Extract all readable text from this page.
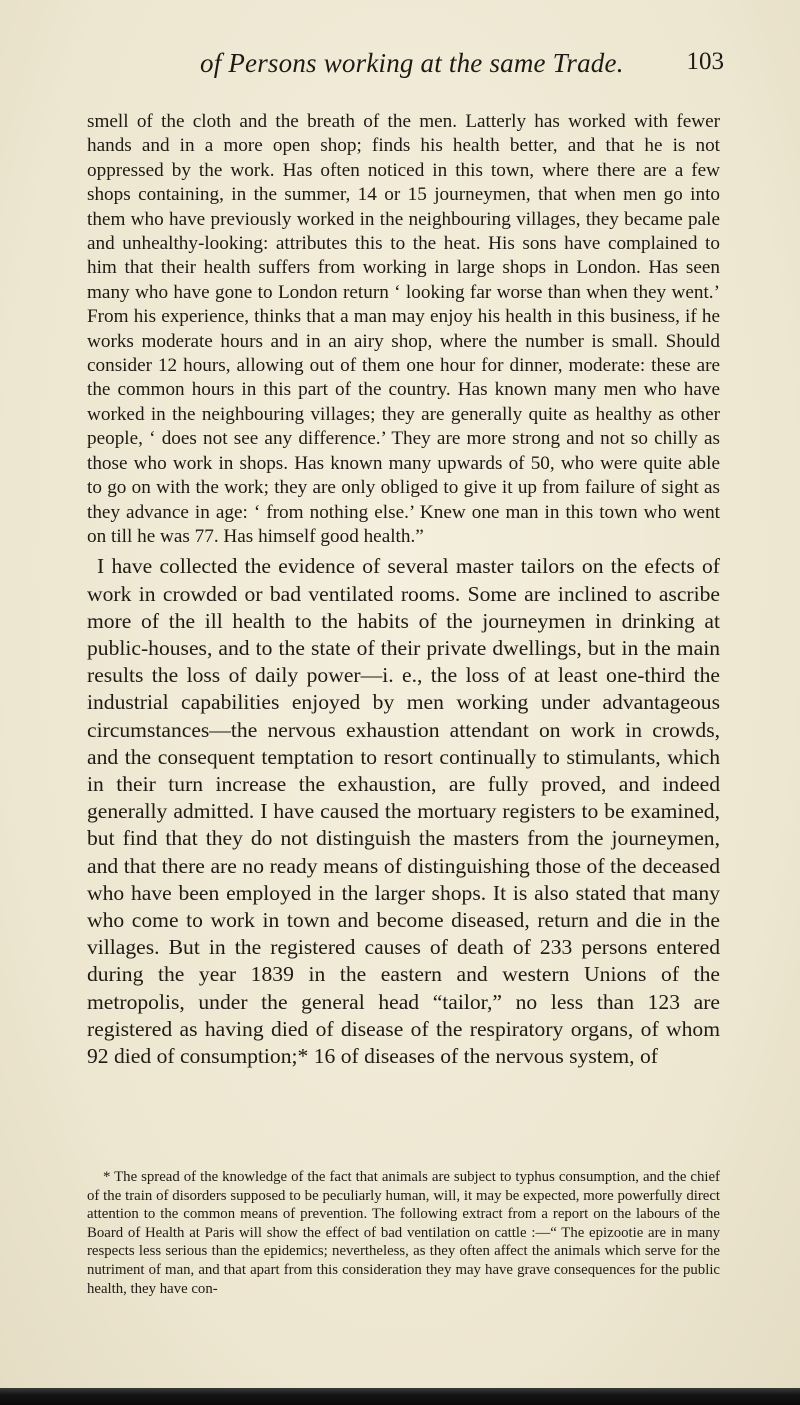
of Persons working at the same Trade.	103

smell of the cloth and the breath of the men. Latterly has worked with fewer hands and in a more open shop; finds his health better, and that he is not oppressed by the work. Has often noticed in this town, where there are a few shops containing, in the summer, 14 or 15 journeymen, that when men go into them who have previously worked in the neighbouring villages, they became pale and unhealthy-looking: attributes this to the heat. His sons have complained to him that their health suffers from working in large shops in London. Has seen many who have gone to London return ‘ looking far worse than when they went.’ From his experience, thinks that a man may enjoy his health in this business, if he works moderate hours and in an airy shop, where the number is small. Should consider 12 hours, allowing out of them one hour for dinner, moderate: these are the common hours in this part of the country. Has known many men who have worked in the neighbouring villages; they are generally quite as healthy as other people, ‘ does not see any difference.’ They are more strong and not so chilly as those who work in shops. Has known many upwards of 50, who were quite able to go on with the work; they are only obliged to give it up from failure of sight as they advance in age: ‘ from nothing else.’ Knew one man in this town who went on till he was 77. Has himself good health.”

I have collected the evidence of several master tailors on the efects of work in crowded or bad ventilated rooms. Some are inclined to ascribe more of the ill health to the habits of the journeymen in drinking at public-houses, and to the state of their private dwellings, but in the main results the loss of daily power—i. e., the loss of at least one-third the industrial capabilities enjoyed by men working under advantageous circumstances—the nervous exhaustion attendant on work in crowds, and the consequent temptation to resort continually to stimulants, which in their turn increase the exhaustion, are fully proved, and indeed generally admitted. I have caused the mortuary registers to be examined, but find that they do not distinguish the masters from the journeymen, and that there are no ready means of distinguishing those of the deceased who have been employed in the larger shops. It is also stated that many who come to work in town and become diseased, return and die in the villages. But in the registered causes of death of 233 persons entered during the year 1839 in the eastern and western Unions of the metropolis, under the general head “tailor,” no less than 123 are registered as having died of disease of the respiratory organs, of whom 92 died of consumption;* 16 of diseases of the nervous system, of

* The spread of the knowledge of the fact that animals are subject to typhus consumption, and the chief of the train of disorders supposed to be peculiarly human, will, it may be expected, more powerfully direct attention to the common means of prevention. The following extract from a report on the labours of the Board of Health at Paris will show the effect of bad ventilation on cattle :—“ The epizootie are in many respects less serious than the epidemics; nevertheless, as they often affect the animals which serve for the nutriment of man, and that apart from this consideration they may have grave consequences for the public health, they have con-
